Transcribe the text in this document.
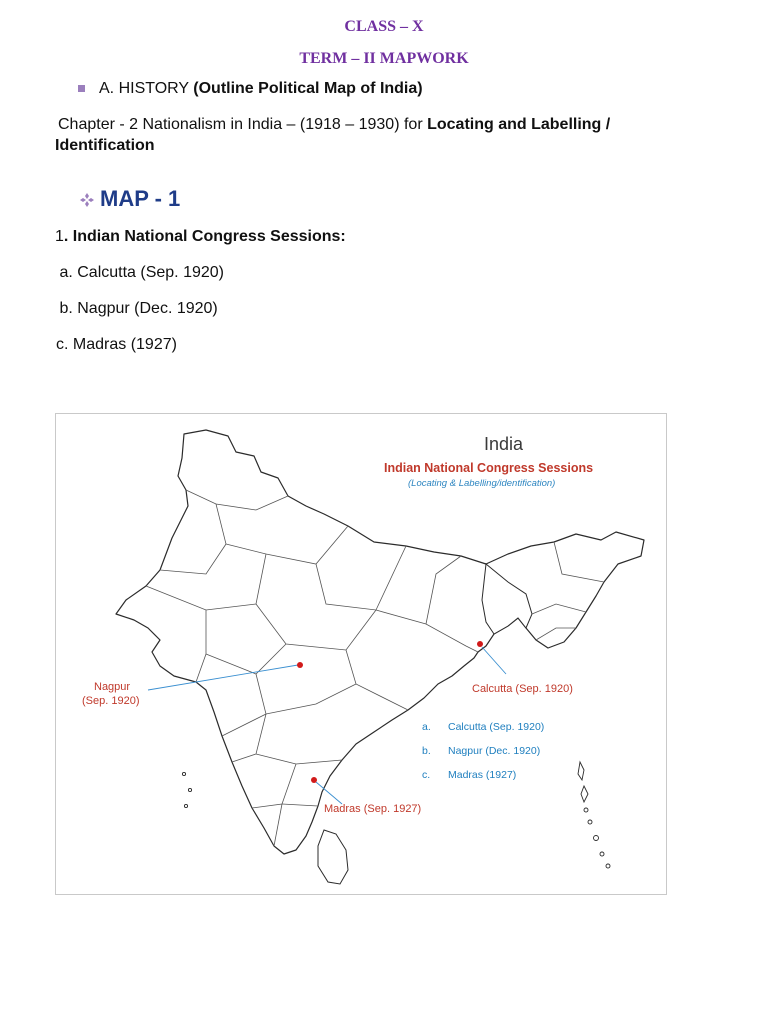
CLASS – X
TERM – II MAPWORK
A. HISTORY (Outline Political Map of India)
Chapter - 2 Nationalism in India – (1918 – 1930) for Locating and Labelling /
Identification
MAP - 1
1. Indian National Congress Sessions:
a. Calcutta (Sep. 1920)
b. Nagpur (Dec. 1920)
c. Madras (1927)
India
Indian National Congress Sessions
(Locating & Labelling/identification)
Nagpur
(Sep. 1920)
Calcutta (Sep. 1920)
Madras (Sep. 1927)
a. Calcutta (Sep. 1920)
b. Nagpur (Dec. 1920)
c. Madras (1927)
